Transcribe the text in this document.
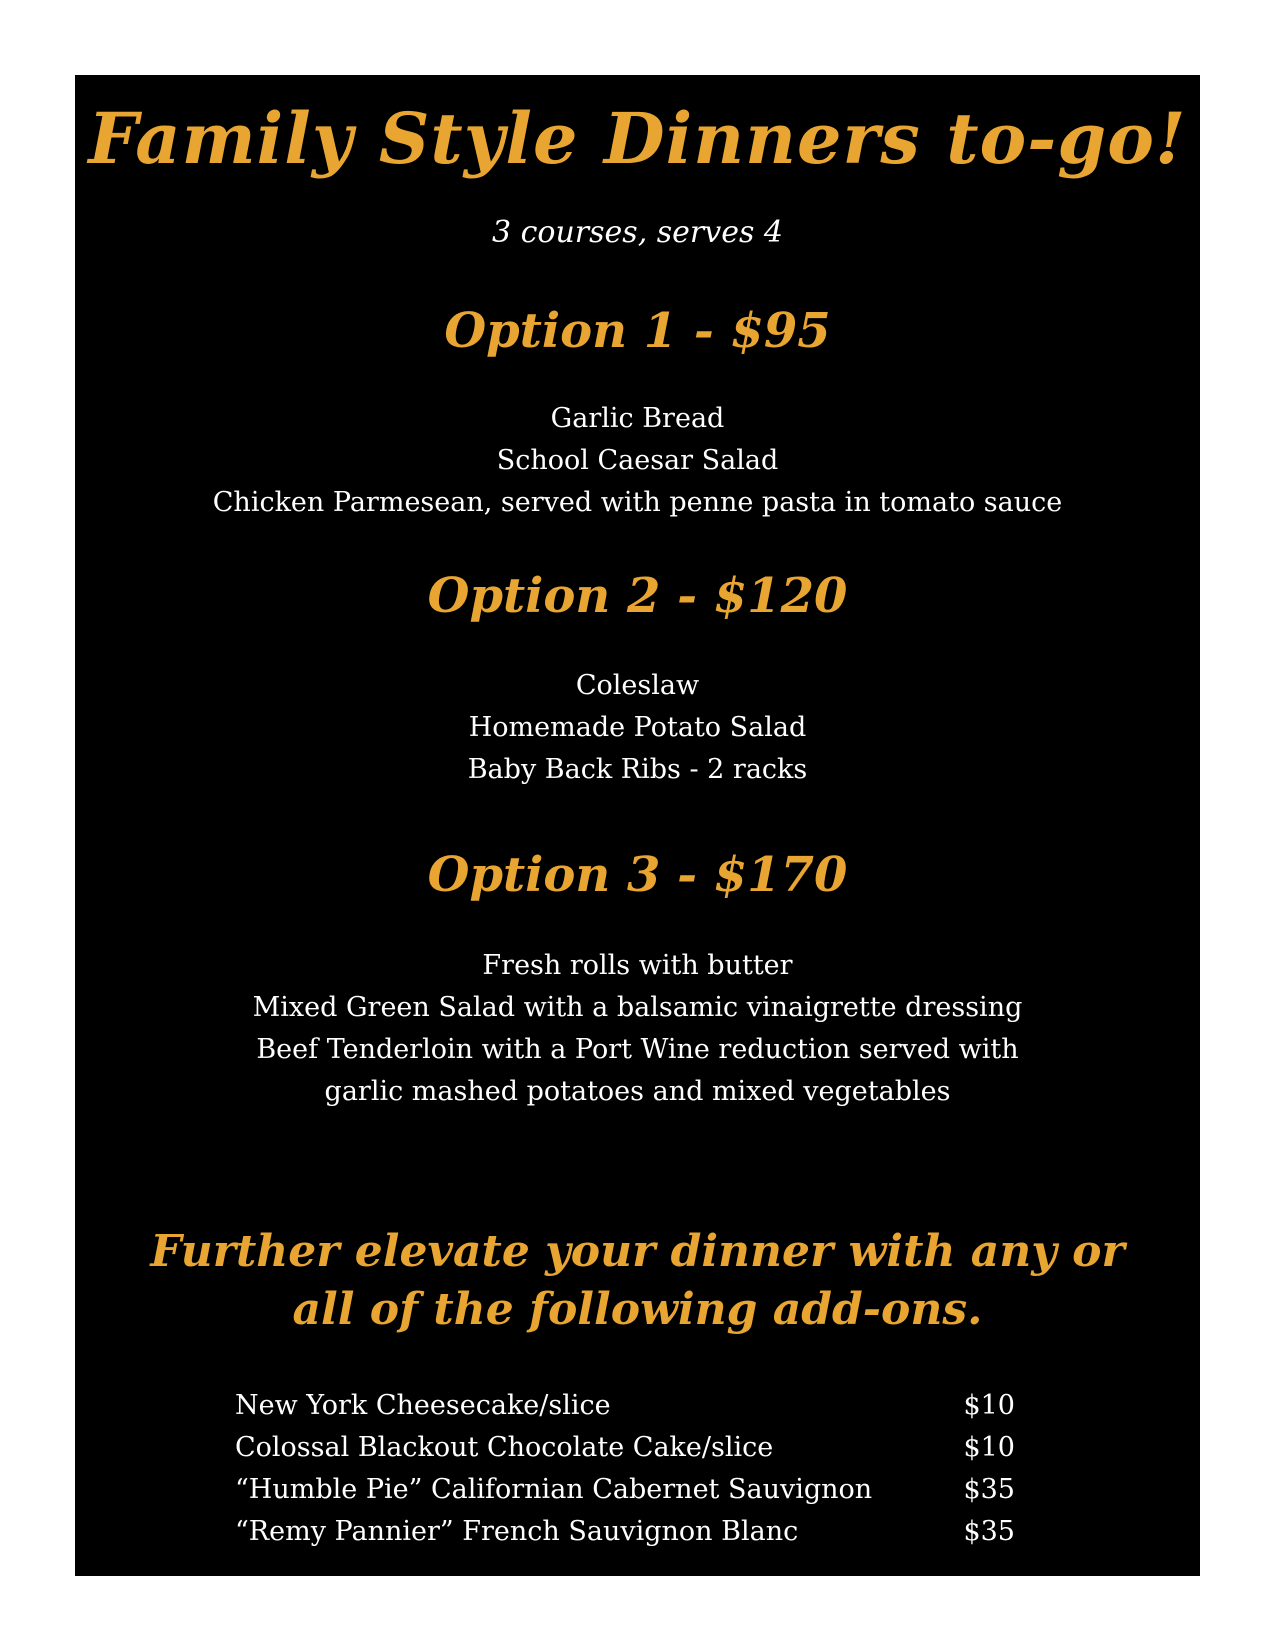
Family Style Dinners to-go!

3 courses, serves 4

Option 1 - $95
Garlic Bread
School Caesar Salad
Chicken Parmesean, served with penne pasta in tomato sauce
Option 2 - $120
Coleslaw
Homemade Potato Salad
Baby Back Ribs - 2 racks
Option 3 - $170
Fresh rolls with butter
Mixed Green Salad with a balsamic vinaigrette dressing
Beef Tenderloin with a Port Wine reduction served with
garlic mashed potatoes and mixed vegetables
Further elevate your dinner with any or
all of the following add-ons.
New York Cheesecake/slice	$10
Colossal Blackout Chocolate Cake/slice	$10
“Humble Pie” Californian Cabernet Sauvignon	$35
“Remy Pannier” French Sauvignon Blanc	$35
